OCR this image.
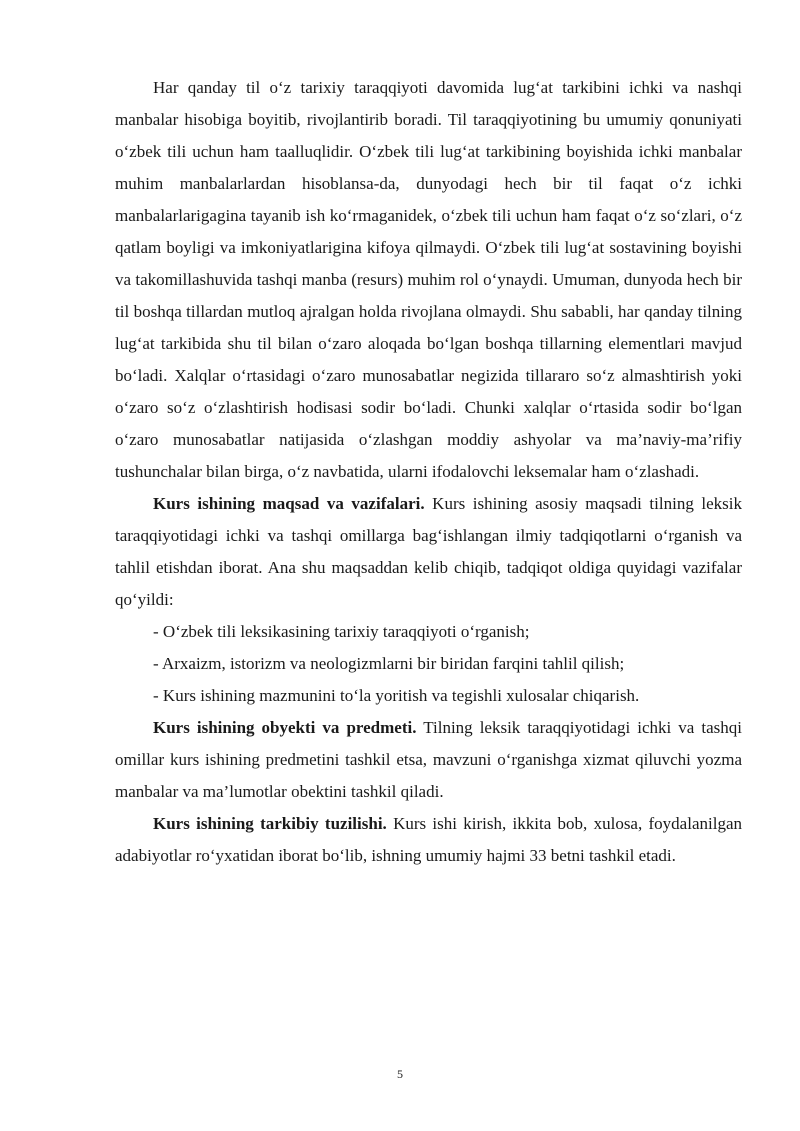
Har qanday til o‘z tarixiy taraqqiyoti davomida lug‘at tarkibini ichki va nashqi manbalar hisobiga boyitib, rivojlantirib boradi. Til taraqqiyotining bu umumiy qonuniyati o‘zbek tili uchun ham taalluqlidir. O‘zbek tili lug‘at tarkibining boyishida ichki manbalar muhim manbalarlardan hisoblansa-da, dunyodagi hech bir til faqat o‘z ichki manbalarlarigagina tayanib ish ko‘rmaganidek, o‘zbek tili uchun ham faqat o‘z so‘zlari, o‘z qatlam boyligi va imkoniyatlarigina kifoya qilmaydi. O‘zbek tili lug‘at sostavining boyishi va takomillashuvida tashqi manba (resurs) muhim rol o‘ynaydi. Umuman, dunyoda hech bir til boshqa tillardan mutloq ajralgan holda rivojlana olmaydi. Shu sababli, har qanday tilning lug‘at tarkibida shu til bilan o‘zaro aloqada bo‘lgan boshqa tillarning elementlari mavjud bo‘ladi. Xalqlar o‘rtasidagi o‘zaro munosabatlar negizida tillararo so‘z almashtirish yoki o‘zaro so‘z o‘zlashtirish hodisasi sodir bo‘ladi. Chunki xalqlar o‘rtasida sodir bo‘lgan o‘zaro munosabatlar natijasida o‘zlashgan moddiy ashyolar va ma’naviy-ma’rifiy tushunchalar bilan birga, o‘z navbatida, ularni ifodalovchi leksemalar ham o‘zlashadi.

Kurs ishining maqsad va vazifalari. Kurs ishining asosiy maqsadi tilning leksik taraqqiyotidagi ichki va tashqi omillarga bag‘ishlangan ilmiy tadqiqotlarni o‘rganish va tahlil etishdan iborat. Ana shu maqsaddan kelib chiqib, tadqiqot oldiga quyidagi vazifalar qo‘yildi:

- O‘zbek tili leksikasining tarixiy taraqqiyoti o‘rganish;

- Arxaizm, istorizm va neologizmlarni bir biridan farqini tahlil qilish;

- Kurs ishining mazmunini to‘la yoritish va tegishli xulosalar chiqarish.

Kurs ishining obyekti va predmeti. Tilning leksik taraqqiyotidagi ichki va tashqi omillar kurs ishining predmetini tashkil etsa, mavzuni o‘rganishga xizmat qiluvchi yozma manbalar va ma’lumotlar obektini tashkil qiladi.

Kurs ishining tarkibiy tuzilishi. Kurs ishi kirish, ikkita bob, xulosa, foydalanilgan adabiyotlar ro‘yxatidan iborat bo‘lib, ishning umumiy hajmi 33 betni tashkil etadi.

5
